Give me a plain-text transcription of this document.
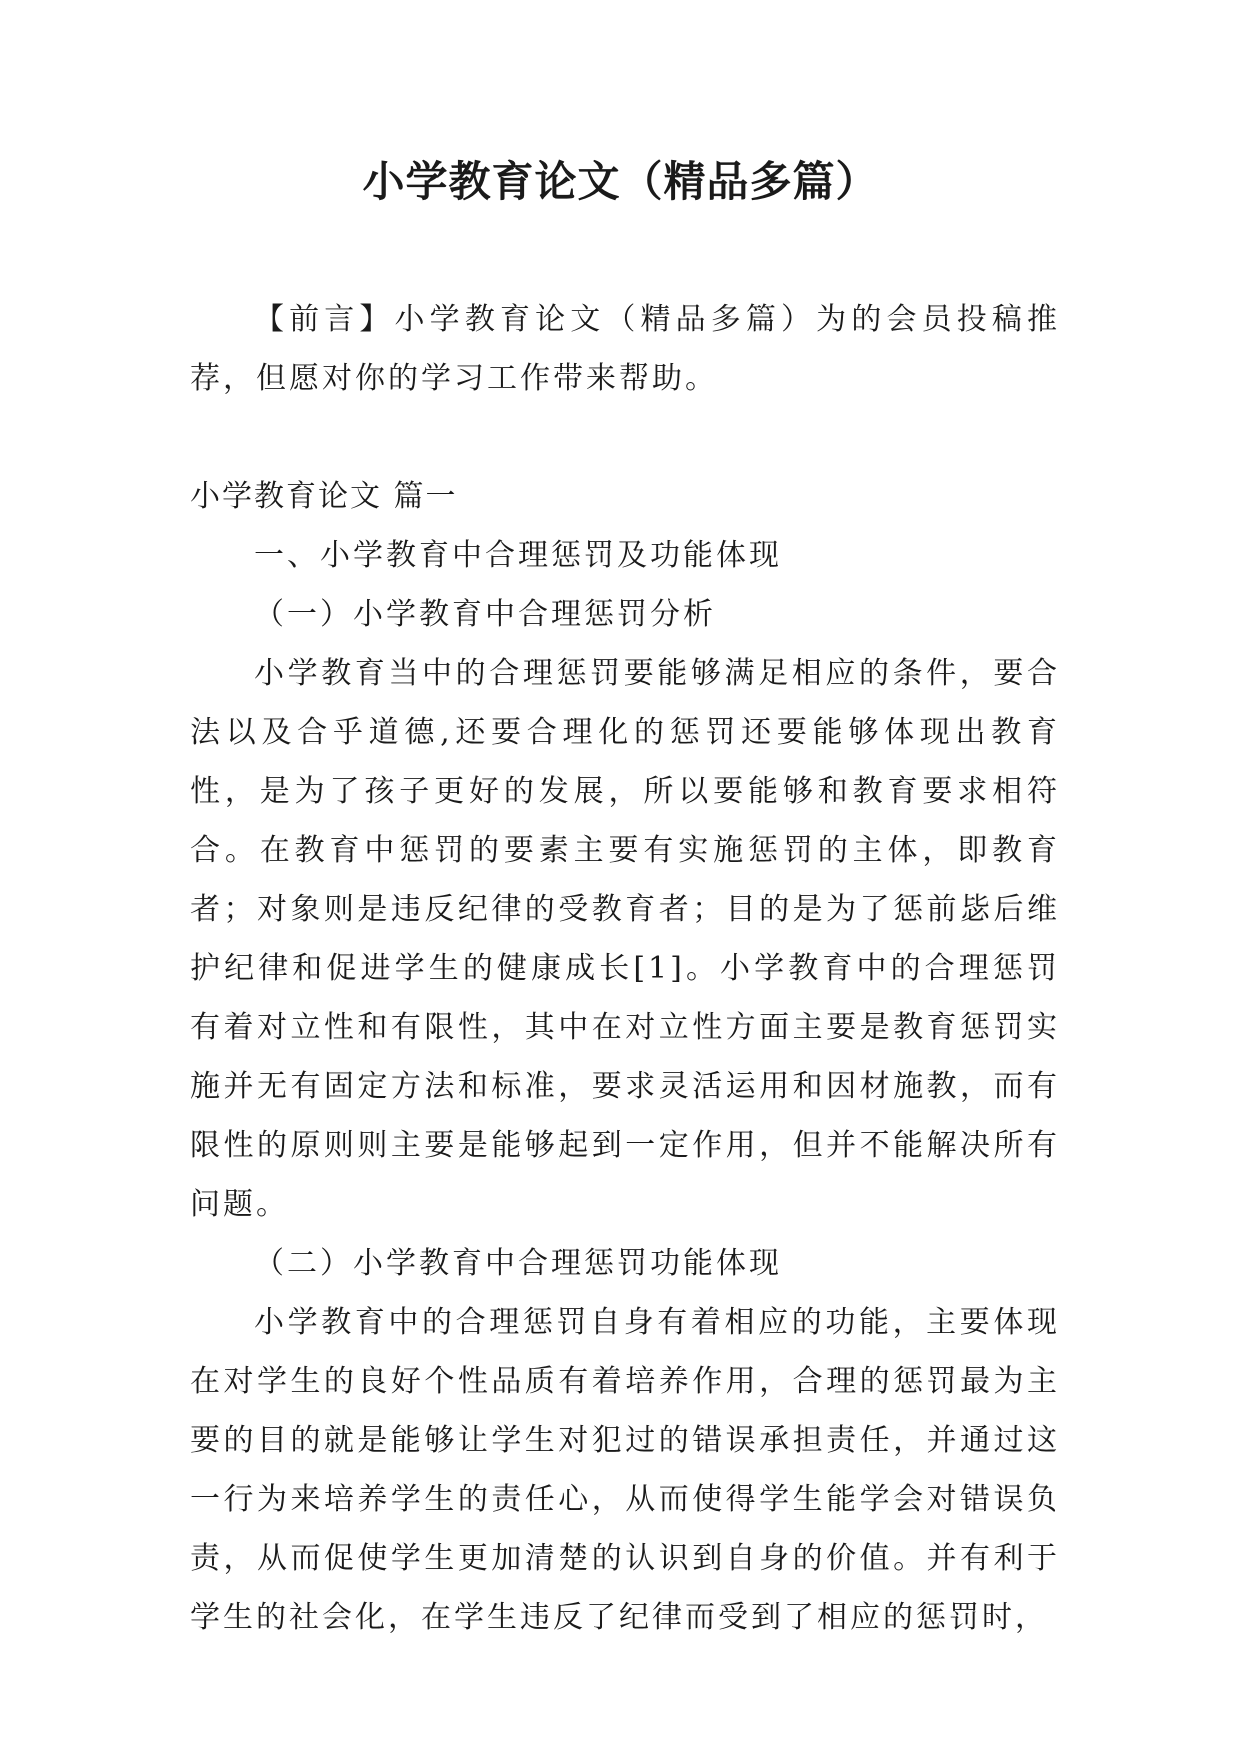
小学教育论文（精品多篇）

【前言】小学教育论文（精品多篇）为的会员投稿推荐，但愿对你的学习工作带来帮助。

小学教育论文 篇一

一、小学教育中合理惩罚及功能体现

（一）小学教育中合理惩罚分析

小学教育当中的合理惩罚要能够满足相应的条件，要合法以及合乎道德,还要合理化的惩罚还要能够体现出教育性，是为了孩子更好的发展，所以要能够和教育要求相符合。在教育中惩罚的要素主要有实施惩罚的主体，即教育者；对象则是违反纪律的受教育者；目的是为了惩前毖后维护纪律和促进学生的健康成长[1]。小学教育中的合理惩罚有着对立性和有限性，其中在对立性方面主要是教育惩罚实施并无有固定方法和标准，要求灵活运用和因材施教，而有限性的原则则主要是能够起到一定作用，但并不能解决所有问题。

（二）小学教育中合理惩罚功能体现

小学教育中的合理惩罚自身有着相应的功能，主要体现在对学生的良好个性品质有着培养作用，合理的惩罚最为主要的目的就是能够让学生对犯过的错误承担责任，并通过这一行为来培养学生的责任心，从而使得学生能学会对错误负责，从而促使学生更加清楚的认识到自身的价值。并有利于学生的社会化，在学生违反了纪律而受到了相应的惩罚时，
